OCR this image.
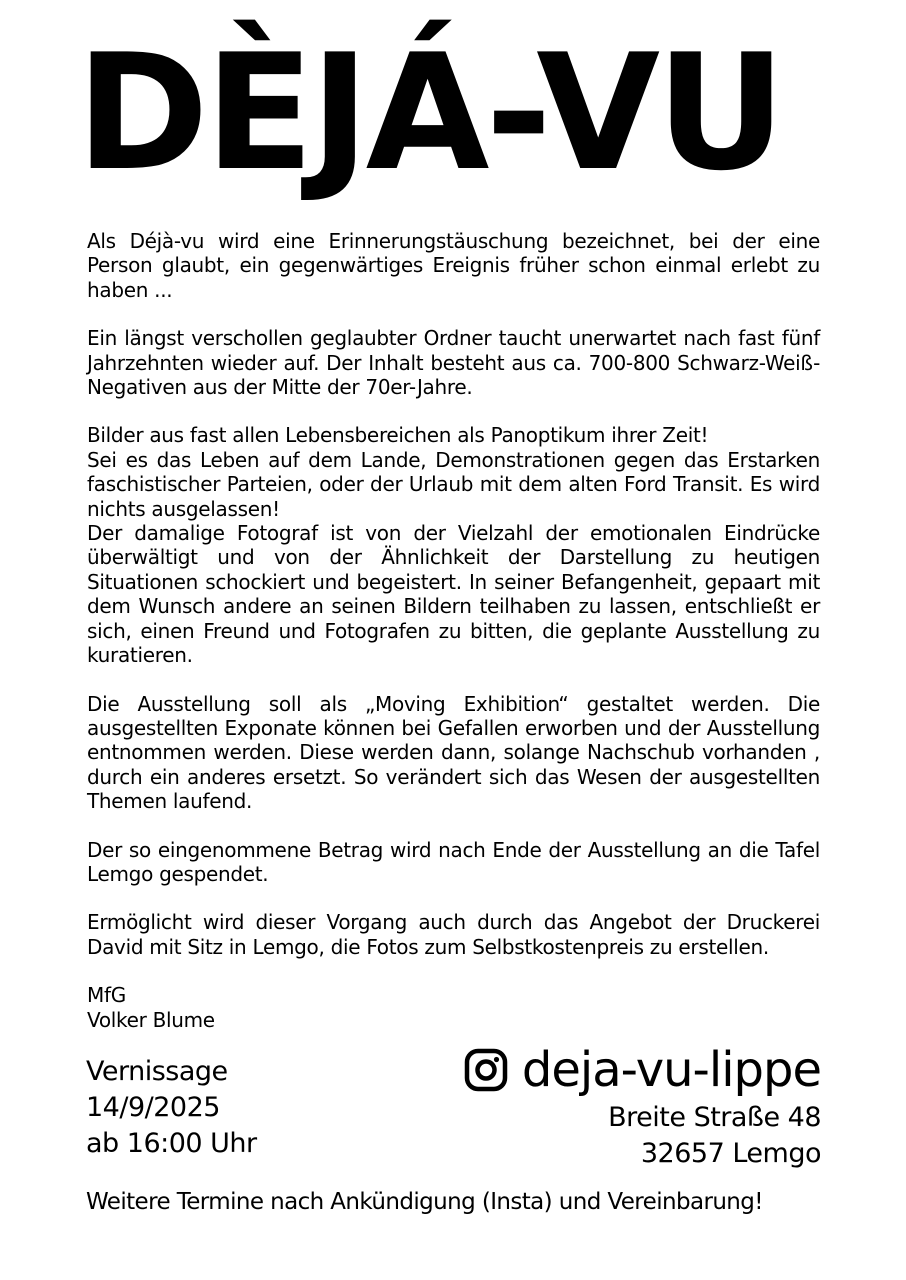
DÈJÁ-VU

Als Déjà-vu wird eine Erinnerungstäuschung bezeichnet, bei der eine Person glaubt, ein gegenwärtiges Ereignis früher schon einmal erlebt zu haben ...

Ein längst verschollen geglaubter Ordner taucht unerwartet nach fast fünf Jahrzehnten wieder auf. Der Inhalt besteht aus ca. 700-800 Schwarz-Weiß-Negativen aus der Mitte der 70er-Jahre.

Bilder aus fast allen Lebensbereichen als Panoptikum ihrer Zeit!

Sei es das Leben auf dem Lande, Demonstrationen gegen das Erstarken faschistischer Parteien, oder der Urlaub mit dem alten Ford Transit. Es wird nichts ausgelassen!

Der damalige Fotograf ist von der Vielzahl der emotionalen Eindrücke überwältigt und von der Ähnlichkeit der Darstellung zu heutigen Situationen schockiert und begeistert. In seiner Befangenheit, gepaart mit dem Wunsch andere an seinen Bildern teilhaben zu lassen, entschließt er sich, einen Freund und Fotografen zu bitten, die geplante Ausstellung zu kuratieren.

Die Ausstellung soll als „Moving Exhibition“ gestaltet werden. Die ausgestellten Exponate können bei Gefallen erworben und der Ausstellung entnommen werden. Diese werden dann, solange Nachschub vorhanden , durch ein anderes ersetzt. So verändert sich das Wesen der ausgestellten Themen laufend.

Der so eingenommene Betrag wird nach Ende der Ausstellung an die Tafel Lemgo gespendet.

Ermöglicht wird dieser Vorgang auch durch das Angebot der Druckerei David mit Sitz in Lemgo, die Fotos zum Selbstkostenpreis zu erstellen.

MfG
Volker Blume
Vernissage
14/9/2025
ab 16:00 Uhr
deja-vu-lippe
Breite Straße 48
32657 Lemgo
Weitere Termine nach Ankündigung (Insta) und Vereinbarung!
